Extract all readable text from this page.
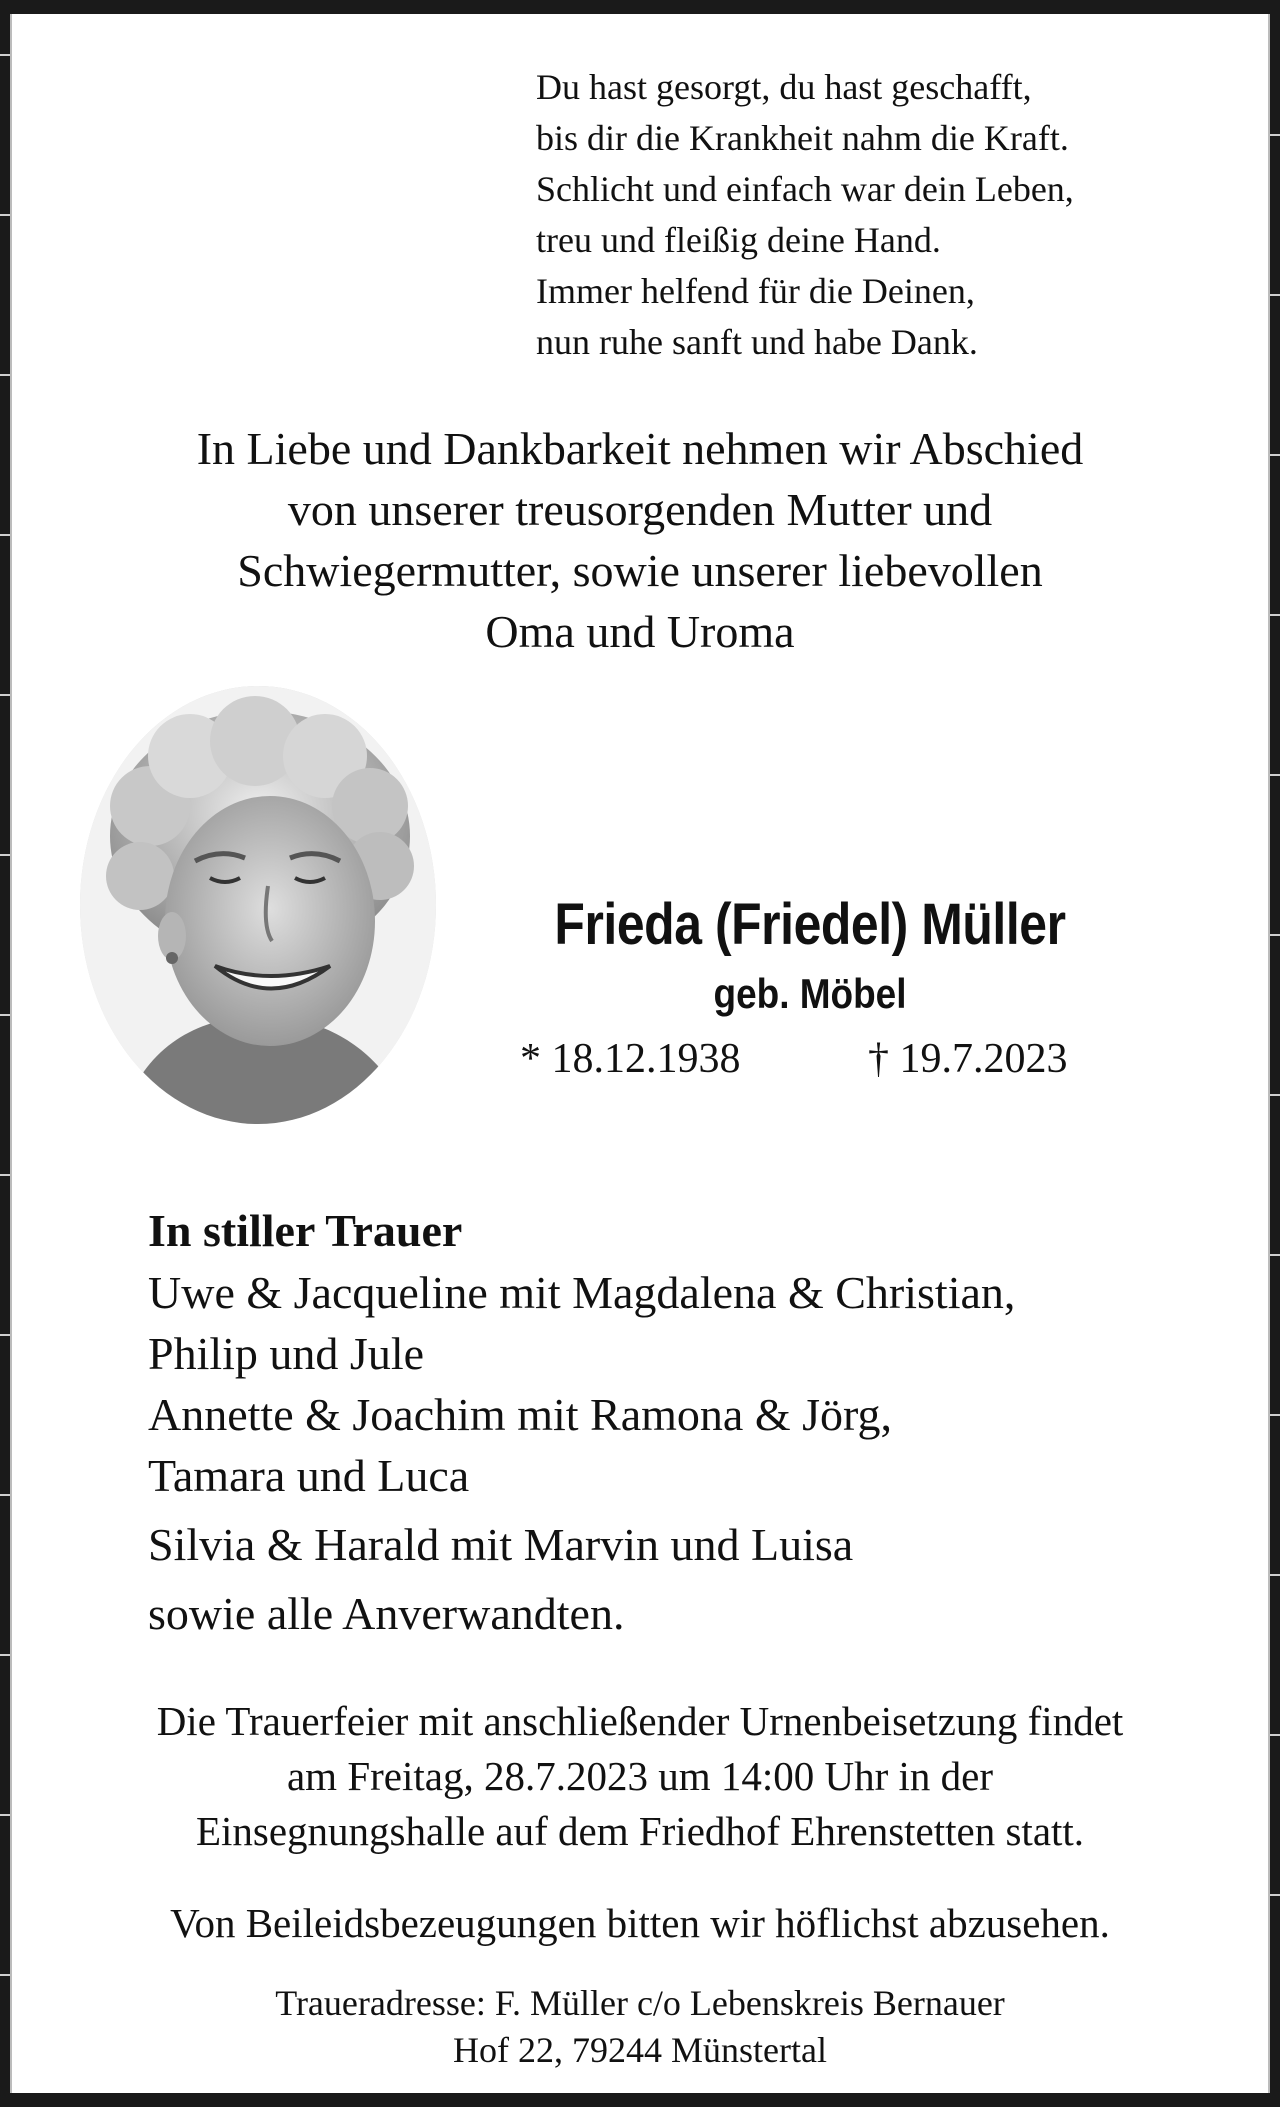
Du hast gesorgt, du hast geschafft,
bis dir die Krankheit nahm die Kraft.
Schlicht und einfach war dein Leben,
treu und fleißig deine Hand.
Immer helfend für die Deinen,
nun ruhe sanft und habe Dank.
In Liebe und Dankbarkeit nehmen wir Abschied
von unserer treusorgenden Mutter und
Schwiegermutter, sowie unserer liebevollen
Oma und Uroma
Frieda (Friedel) Müller
geb. Möbel
* 18.12.1938	† 19.7.2023
In stiller Trauer
Uwe & Jacqueline mit Magdalena & Christian,
Philip und Jule
Annette & Joachim mit Ramona & Jörg,
Tamara und Luca
Silvia & Harald mit Marvin und Luisa
sowie alle Anverwandten.
Die Trauerfeier mit anschließender Urnenbeisetzung findet
am Freitag, 28.7.2023 um 14:00 Uhr in der
Einsegnungshalle auf dem Friedhof Ehrenstetten statt.
Von Beileidsbezeugungen bitten wir höflichst abzusehen.
Traueradresse: F. Müller c/o Lebenskreis Bernauer
Hof 22, 79244 Münstertal
